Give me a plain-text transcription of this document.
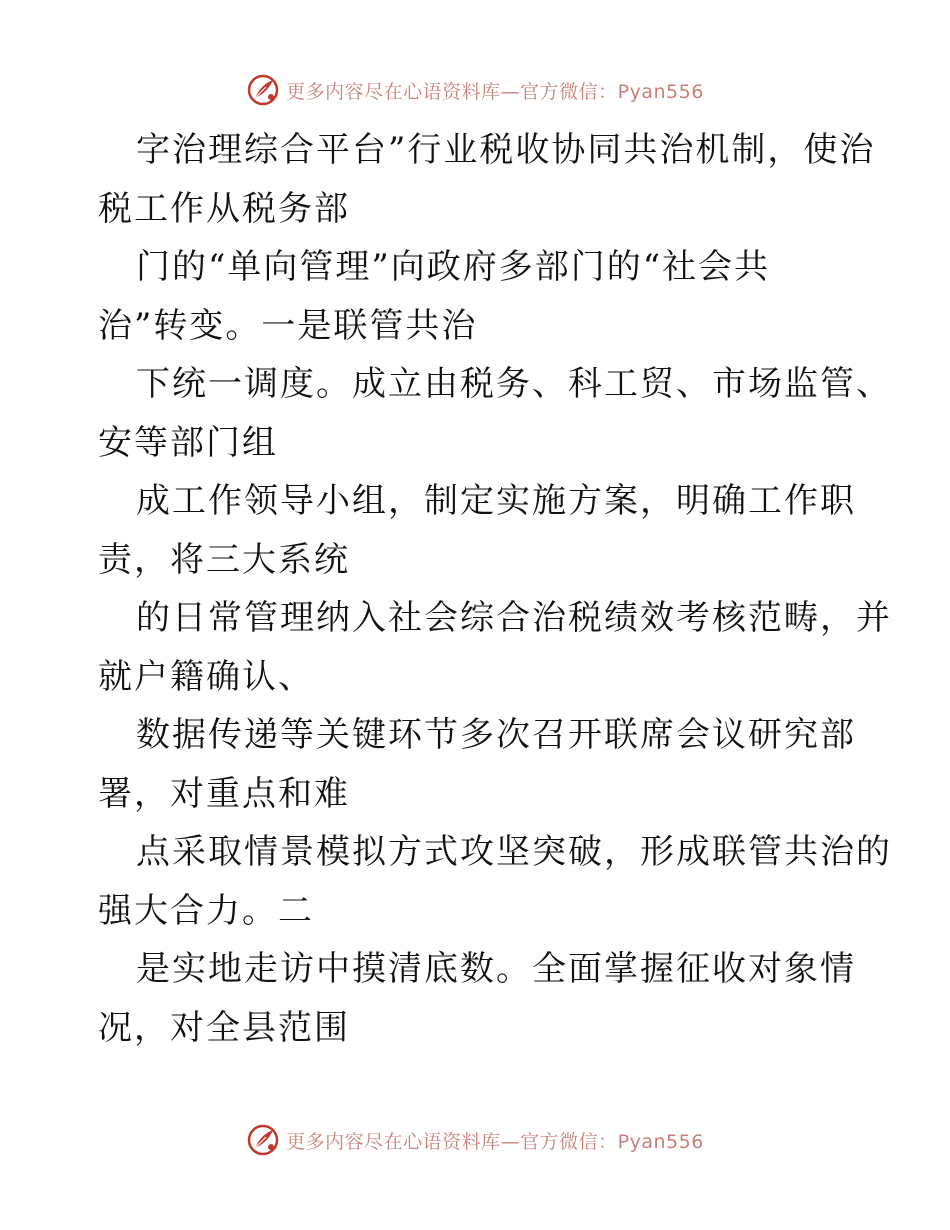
更多内容尽在心语资料库—官方微信：Pyan556
字治理综合平台”行业税收协同共治机制，使治
税工作从税务部
门的“单向管理”向政府多部门的“社会共
治”转变。一是联管共治
下统一调度。成立由税务、科工贸、市场监管、
安等部门组
成工作领导小组，制定实施方案，明确工作职
责，将三大系统
的日常管理纳入社会综合治税绩效考核范畴，并
就户籍确认、
数据传递等关键环节多次召开联席会议研究部
署，对重点和难
点采取情景模拟方式攻坚突破，形成联管共治的
强大合力。二
是实地走访中摸清底数。全面掌握征收对象情
况，对全县范围
更多内容尽在心语资料库—官方微信：Pyan556
